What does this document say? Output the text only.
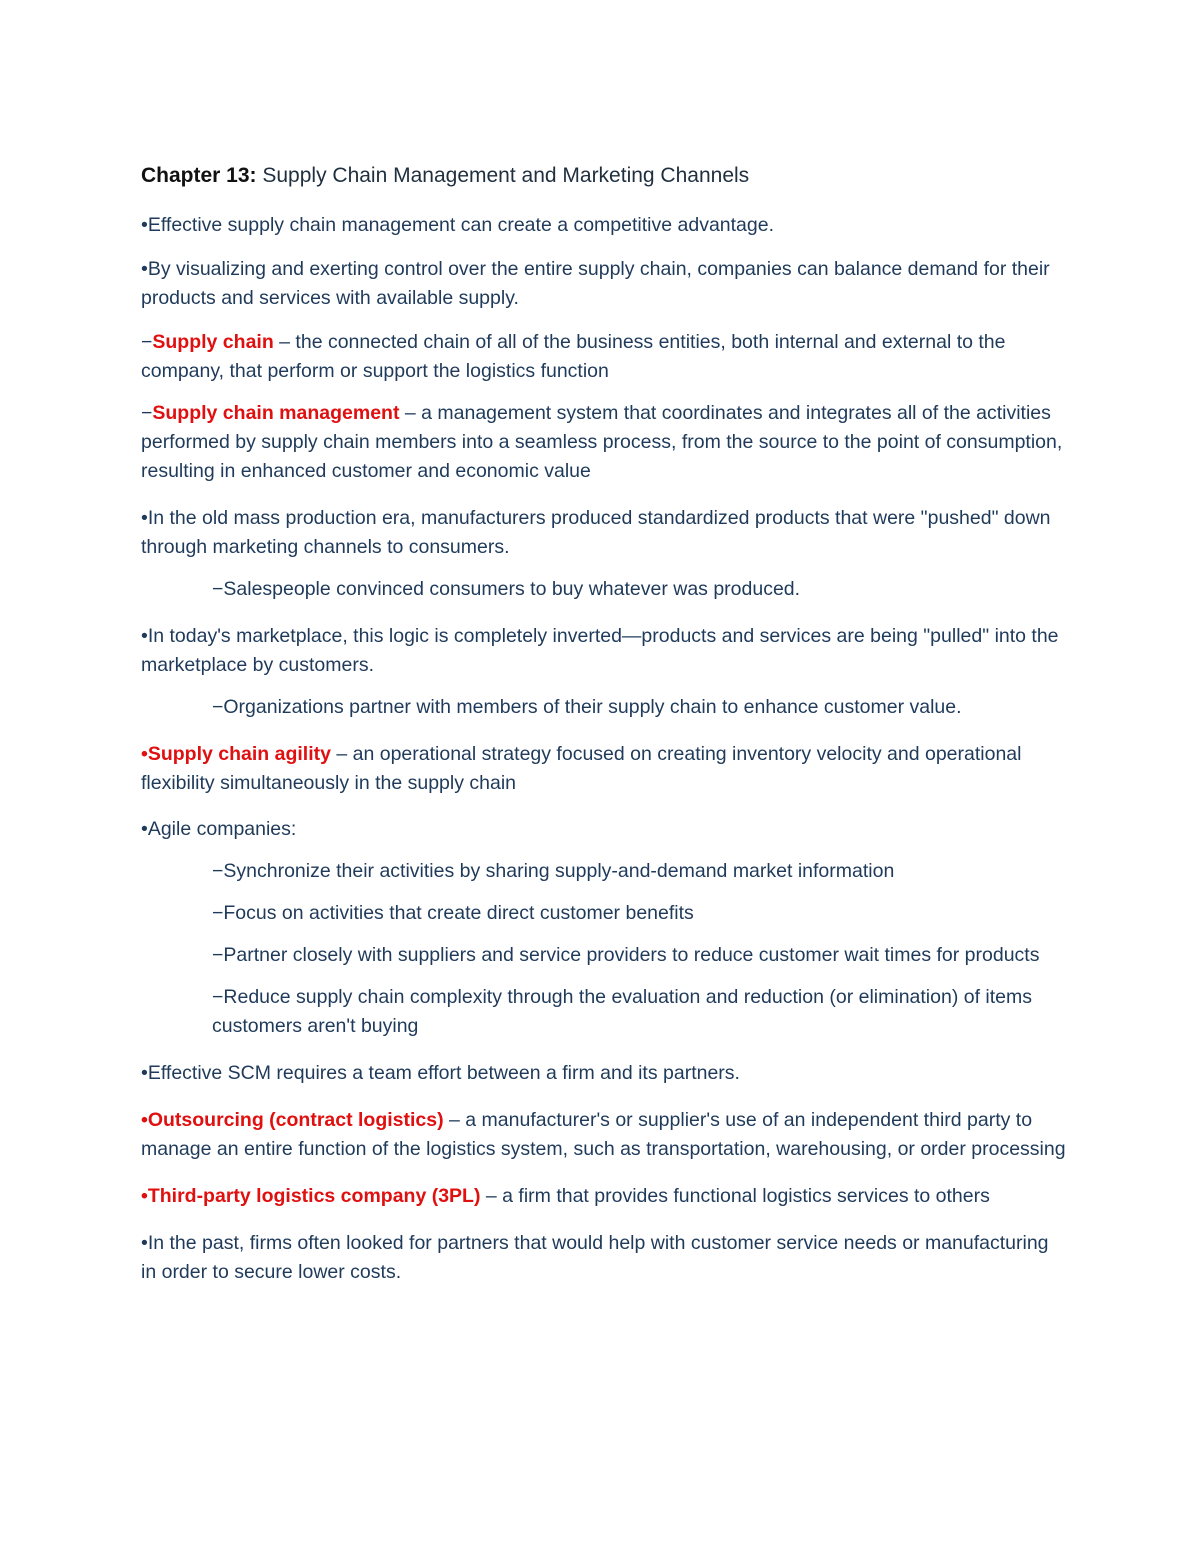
Chapter 13: Supply Chain Management and Marketing Channels
•Effective supply chain management can create a competitive advantage.
•By visualizing and exerting control over the entire supply chain, companies can balance demand for their products and services with available supply.
−Supply chain – the connected chain of all of the business entities, both internal and external to the company, that perform or support the logistics function
−Supply chain management – a management system that coordinates and integrates all of the activities performed by supply chain members into a seamless process, from the source to the point of consumption, resulting in enhanced customer and economic value
•In the old mass production era, manufacturers produced standardized products that were "pushed" down through marketing channels to consumers.
−Salespeople convinced consumers to buy whatever was produced.
•In today's marketplace, this logic is completely inverted—products and services are being "pulled" into the marketplace by customers.
−Organizations partner with members of their supply chain to enhance customer value.
•Supply chain agility – an operational strategy focused on creating inventory velocity and operational flexibility simultaneously in the supply chain
•Agile companies:
−Synchronize their activities by sharing supply-and-demand market information
−Focus on activities that create direct customer benefits
−Partner closely with suppliers and service providers to reduce customer wait times for products
−Reduce supply chain complexity through the evaluation and reduction (or elimination) of items customers aren't buying
•Effective SCM requires a team effort between a firm and its partners.
•Outsourcing (contract logistics) – a manufacturer's or supplier's use of an independent third party to manage an entire function of the logistics system, such as transportation, warehousing, or order processing
•Third-party logistics company (3PL) – a firm that provides functional logistics services to others
•In the past, firms often looked for partners that would help with customer service needs or manufacturing in order to secure lower costs.
